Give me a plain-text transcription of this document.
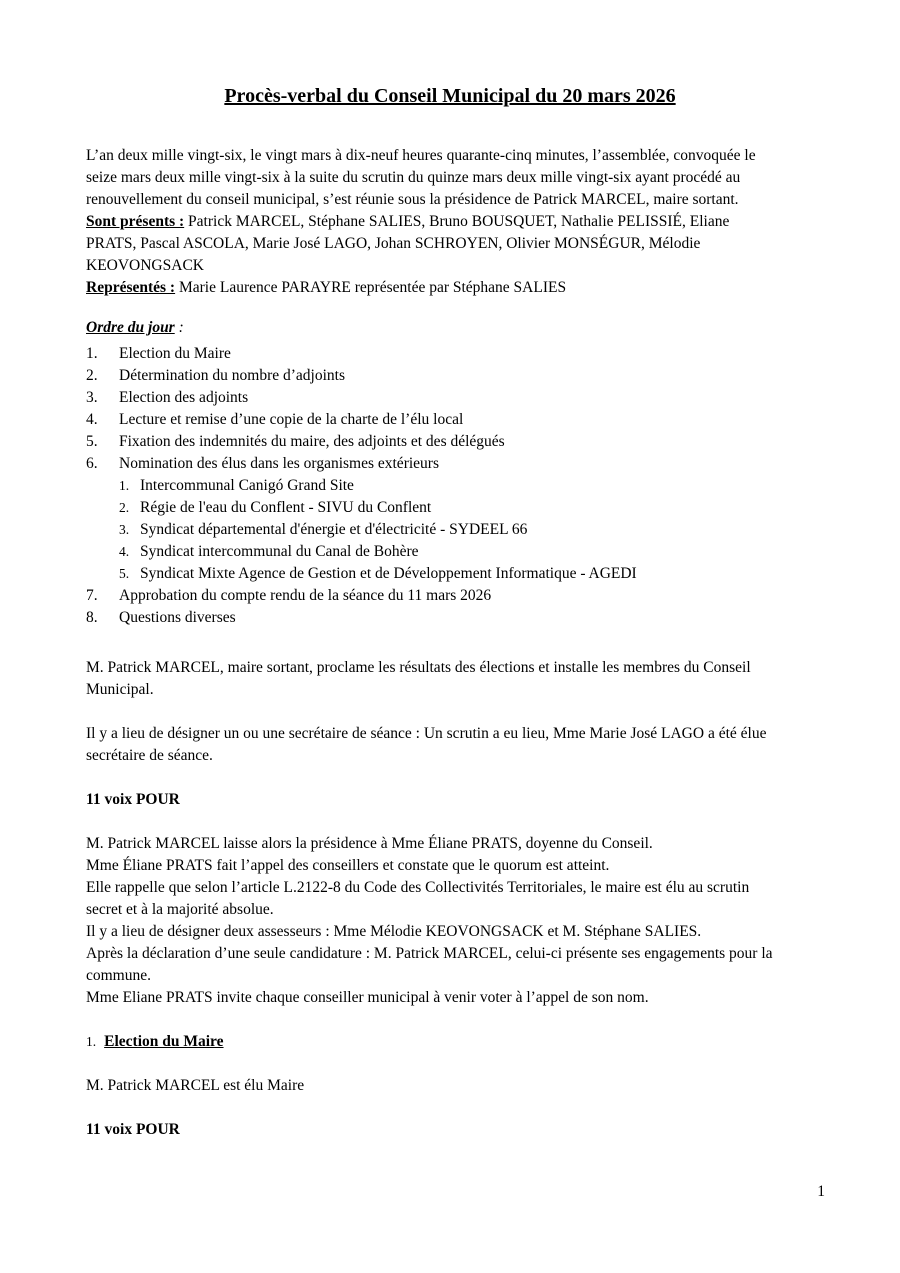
Procès-verbal du Conseil Municipal du 20 mars 2026

L’an deux mille vingt-six, le vingt mars à dix-neuf heures quarante-cinq minutes, l’assemblée, convoquée le

seize mars deux mille vingt-six à la suite du scrutin du quinze mars deux mille vingt-six ayant procédé au

renouvellement du conseil municipal, s’est réunie sous la présidence de Patrick MARCEL, maire sortant.

Sont présents : Patrick MARCEL, Stéphane SALIES, Bruno BOUSQUET, Nathalie PELISSIÉ, Eliane

PRATS, Pascal ASCOLA, Marie José LAGO, Johan SCHROYEN, Olivier MONSÉGUR, Mélodie

KEOVONGSACK

Représentés : Marie Laurence PARAYRE représentée par Stéphane SALIES

Ordre du jour :

1. Election du Maire
2. Détermination du nombre d’adjoints
3. Election des adjoints
4. Lecture et remise d’une copie de la charte de l’élu local
5. Fixation des indemnités du maire, des adjoints et des délégués
6. Nomination des élus dans les organismes extérieurs
1. Intercommunal Canigó Grand Site
2. Régie de l'eau du Conflent - SIVU du Conflent
3. Syndicat départemental d'énergie et d'électricité - SYDEEL 66
4. Syndicat intercommunal du Canal de Bohère
5. Syndicat Mixte Agence de Gestion et de Développement Informatique - AGEDI
7. Approbation du compte rendu de la séance du 11 mars 2026
8. Questions diverses

M. Patrick MARCEL, maire sortant, proclame les résultats des élections et installe les membres du Conseil

Municipal.

Il y a lieu de désigner un ou une secrétaire de séance : Un scrutin a eu lieu, Mme Marie José LAGO a été élue

secrétaire de séance.

11 voix POUR

M. Patrick MARCEL laisse alors la présidence à Mme Éliane PRATS, doyenne du Conseil.

Mme Éliane PRATS fait l’appel des conseillers et constate que le quorum est atteint.

Elle rappelle que selon l’article L.2122-8 du Code des Collectivités Territoriales, le maire est élu au scrutin

secret et à la majorité absolue.

Il y a lieu de désigner deux assesseurs : Mme Mélodie KEOVONGSACK et M. Stéphane SALIES.

Après la déclaration d’une seule candidature : M. Patrick MARCEL, celui-ci présente ses engagements pour la

commune.

Mme Eliane PRATS invite chaque conseiller municipal à venir voter à l’appel de son nom.

1. Election du Maire
M. Patrick MARCEL est élu Maire
11 voix POUR
1
